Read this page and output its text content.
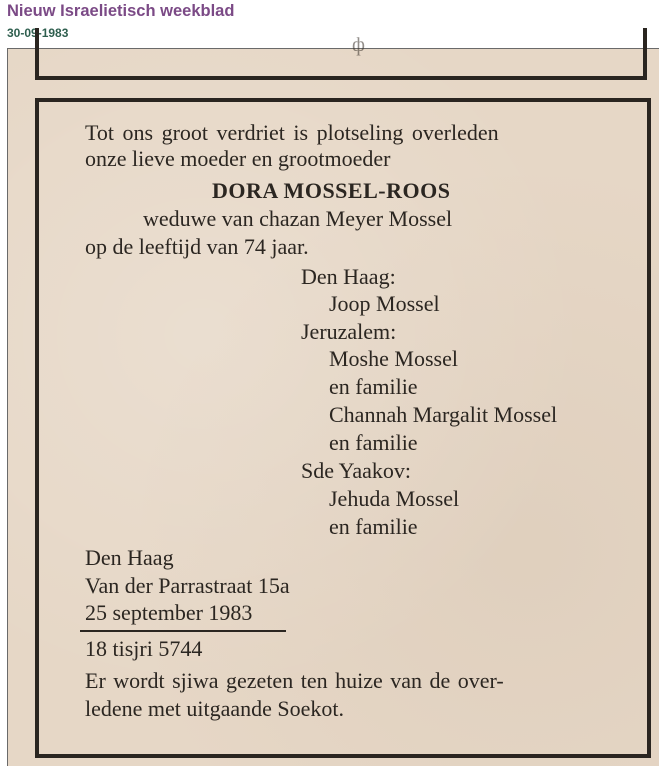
Nieuw Israelietisch weekblad
30-09-1983
ф
Tot ons groot verdriet is plotseling overleden
onze lieve moeder en grootmoeder
DORA MOSSEL-ROOS
weduwe van chazan Meyer Mossel
op de leeftijd van 74 jaar.
Den Haag:
Joop Mossel
Jeruzalem:
Moshe Mossel
en familie
Channah Margalit Mossel
en familie
Sde Yaakov:
Jehuda Mossel
en familie
Den Haag
Van der Parrastraat 15a
25 september 1983
18 tisjri 5744
Er wordt sjiwa gezeten ten huize van de over-
ledene met uitgaande Soekot.
